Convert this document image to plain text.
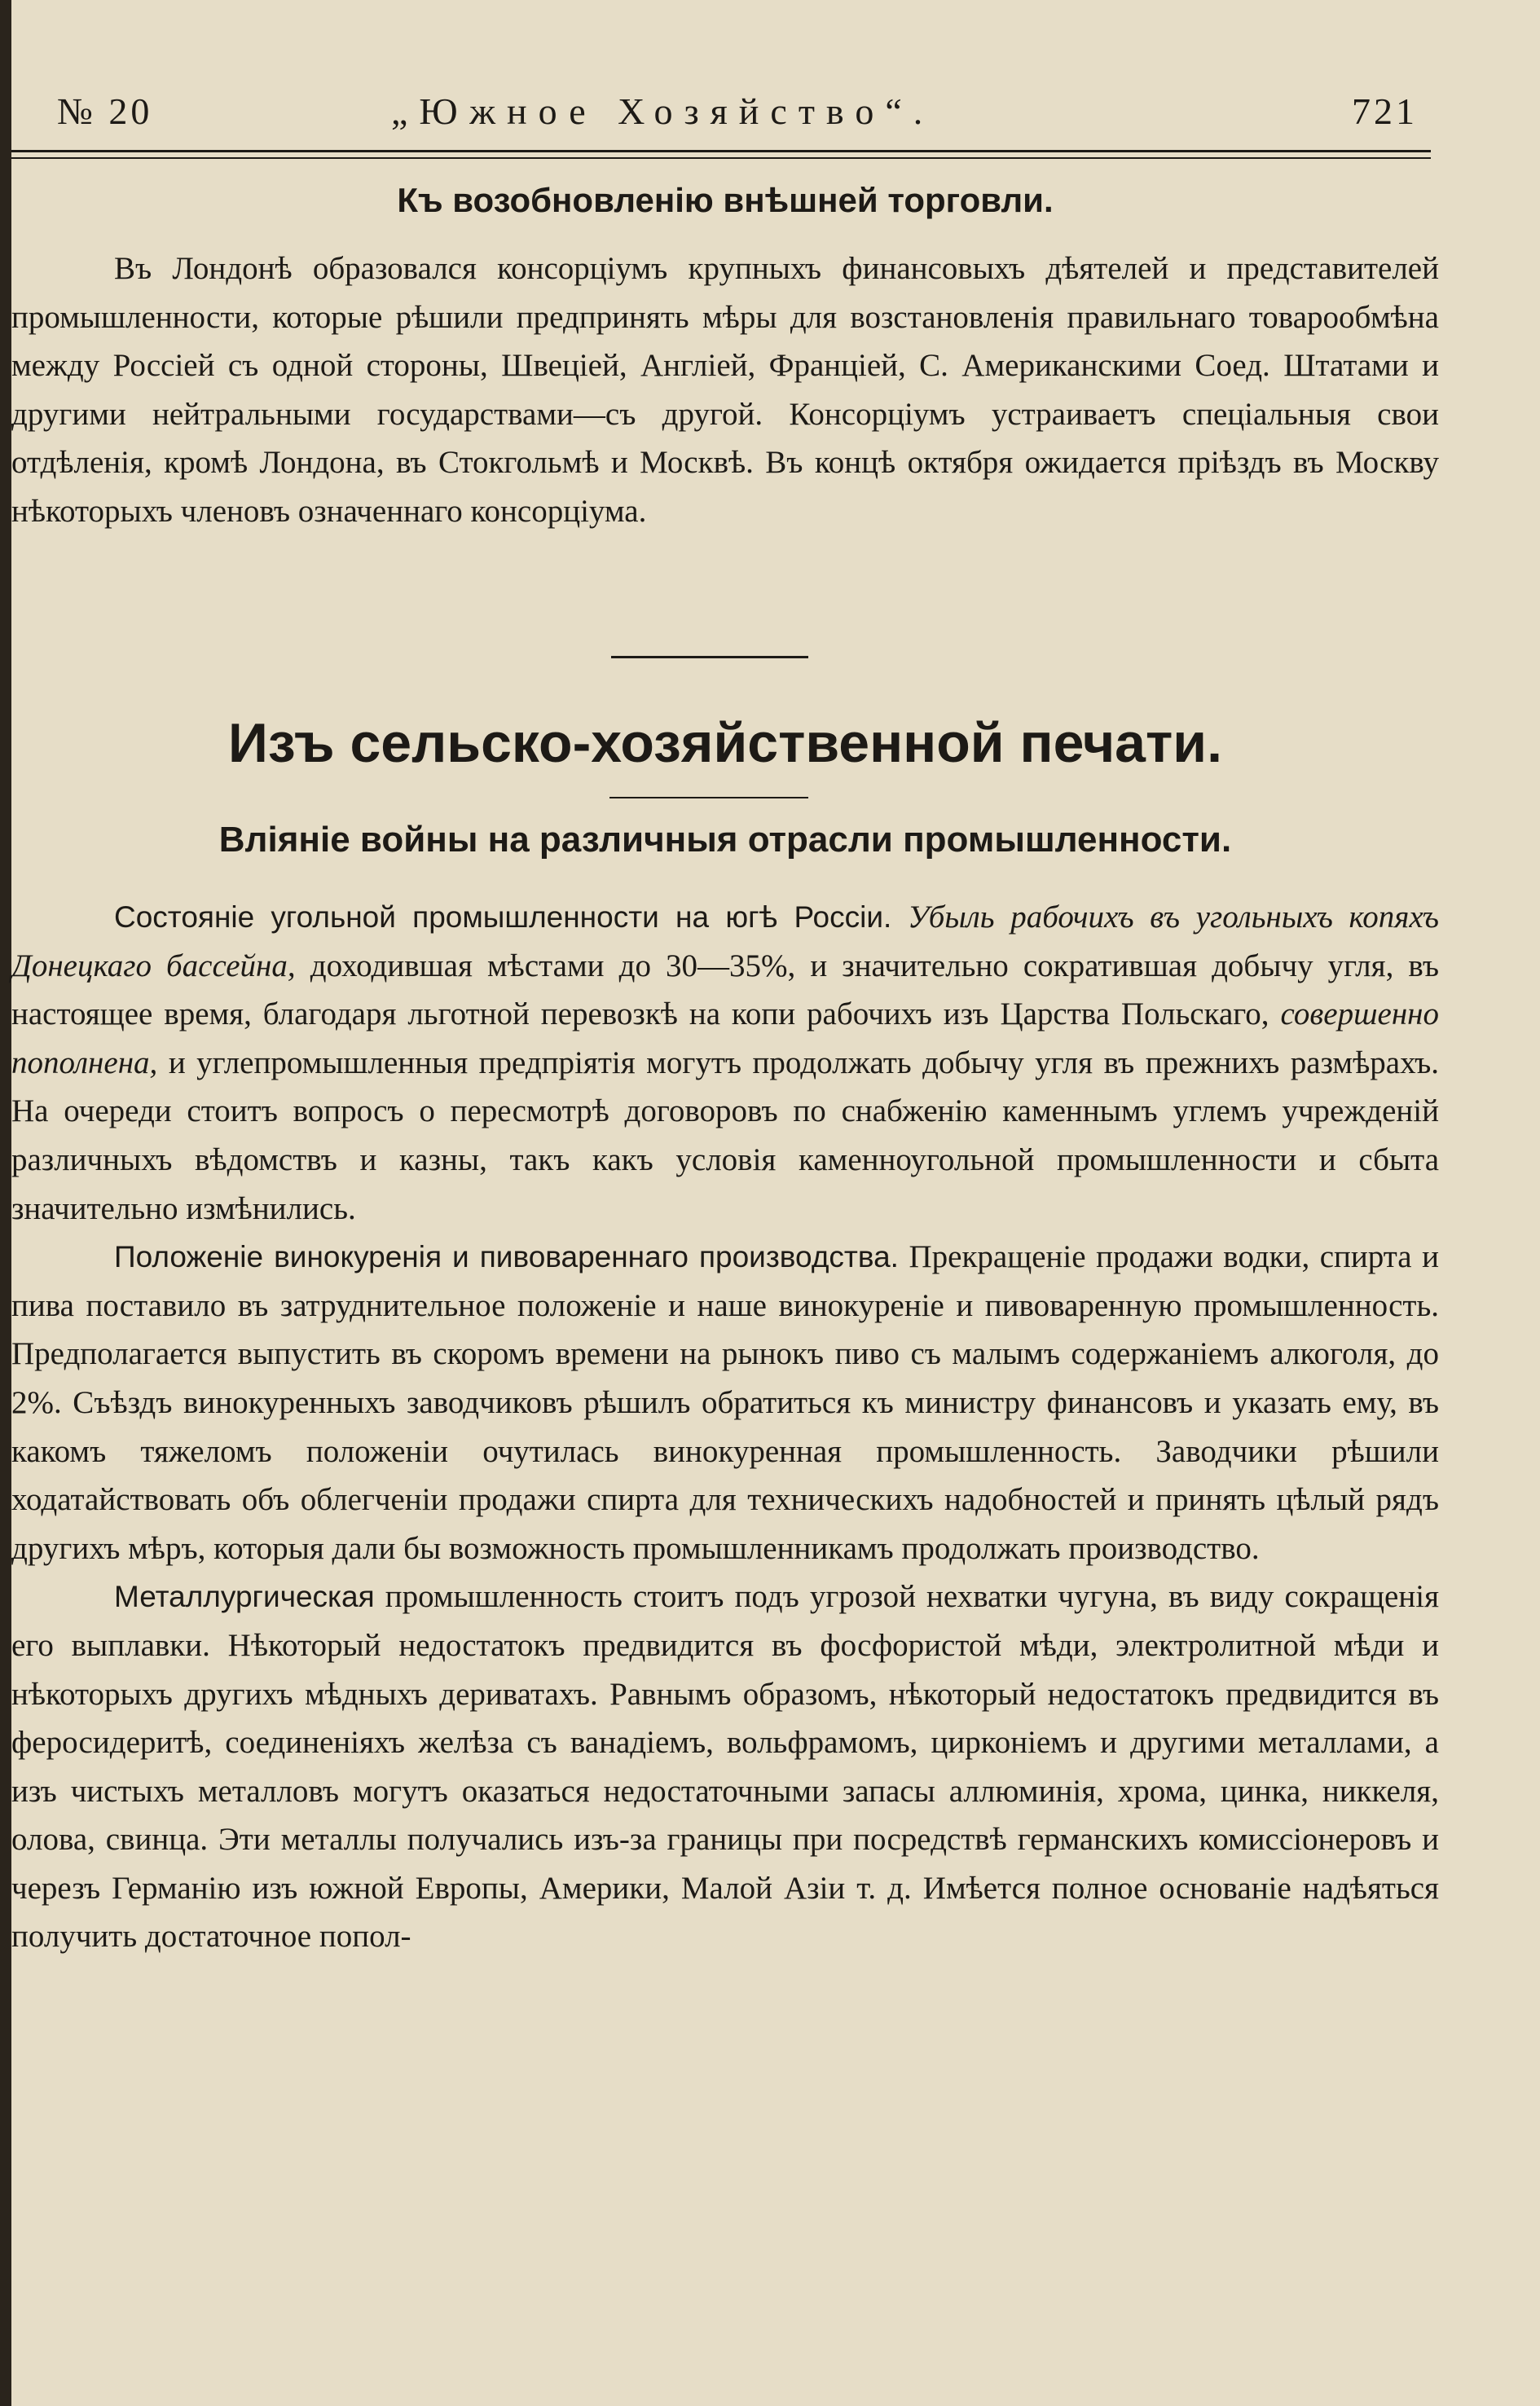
№ 20	„Южное Хозяйство“.	721
Къ возобновленію внѣшней торговли.

Въ Лондонѣ образовался консорціумъ крупныхъ финансовыхъ дѣятелей и представителей промышленности, которые рѣшили предпринять мѣры для возстановленія правильнаго товарообмѣна между Россіей съ одной стороны, Швеціей, Англіей, Франціей, С. Американскими Соед. Штатами и другими нейтральными государствами—съ другой. Консорціумъ устраиваетъ спеціальныя свои отдѣленія, кромѣ Лондона, въ Стокгольмѣ и Москвѣ. Въ концѣ октября ожидается пріѣздъ въ Москву нѣкоторыхъ членовъ означеннаго консорціума.

Изъ сельско-хозяйственной печати.
Вліяніе войны на различныя отрасли промышленности.

Состояніе угольной промышленности на югѣ Россіи. Убыль рабочихъ въ угольныхъ копяхъ Донецкаго бассейна, доходившая мѣстами до 30—35%, и значительно сократившая добычу угля, въ настоящее время, благодаря льготной перевозкѣ на копи рабочихъ изъ Царства Польскаго, совершенно пополнена, и углепромышленныя предпріятія могутъ продолжать добычу угля въ прежнихъ размѣрахъ. На очереди стоитъ вопросъ о пересмотрѣ договоровъ по снабженію каменнымъ углемъ учрежденій различныхъ вѣдомствъ и казны, такъ какъ условія каменноугольной промышленности и сбыта значительно измѣнились.

Положеніе винокуренія и пивовареннаго производства. Прекращеніе продажи водки, спирта и пива поставило въ затруднительное положеніе и наше винокуреніе и пивоваренную промышленность. Предполагается выпустить въ скоромъ времени на рынокъ пиво съ малымъ содержаніемъ алкоголя, до 2%. Съѣздъ винокуренныхъ заводчиковъ рѣшилъ обратиться къ министру финансовъ и указать ему, въ какомъ тяжеломъ положеніи очутилась винокуренная промышленность. Заводчики рѣшили ходатайствовать объ облегченіи продажи спирта для техническихъ надобностей и принять цѣлый рядъ другихъ мѣръ, которыя дали бы возможность промышленникамъ продолжать производство.

Металлургическая промышленность стоитъ подъ угрозой нехватки чугуна, въ виду сокращенія его выплавки. Нѣкоторый недостатокъ предвидится въ фосфористой мѣди, электролитной мѣди и нѣкоторыхъ другихъ мѣдныхъ дериватахъ. Равнымъ образомъ, нѣкоторый недостатокъ предвидится въ феросидеритѣ, соединеніяхъ желѣза съ ванадіемъ, вольфрамомъ, цирконіемъ и другими металлами, а изъ чистыхъ металловъ могутъ оказаться недостаточными запасы аллюминія, хрома, цинка, никкеля, олова, свинца. Эти металлы получались изъ-за границы при посредствѣ германскихъ комиссіонеровъ и черезъ Германію изъ южной Европы, Америки, Малой Азіи т. д. Имѣется полное основаніе надѣяться получить достаточное попол-
